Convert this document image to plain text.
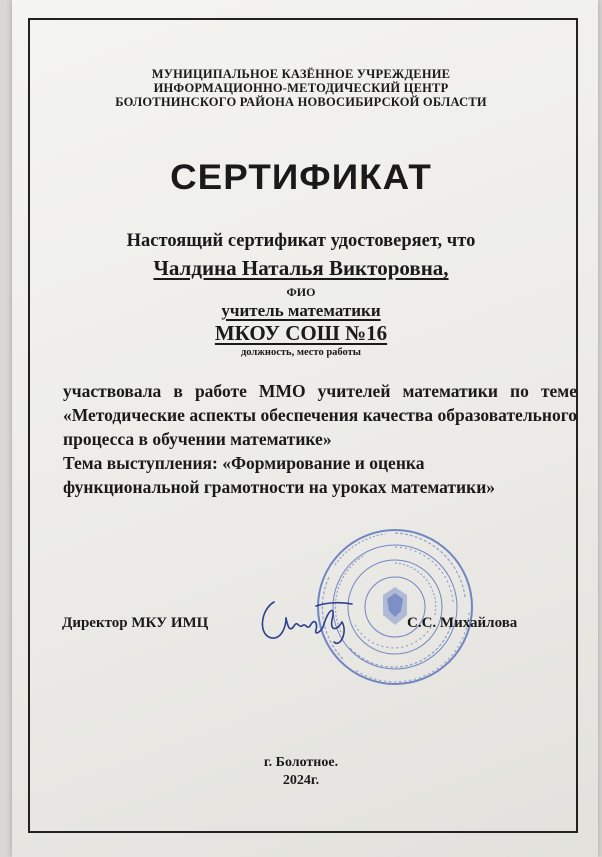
МУНИЦИПАЛЬНОЕ КАЗЁННОЕ УЧРЕЖДЕНИЕ
ИНФОРМАЦИОННО-МЕТОДИЧЕСКИЙ ЦЕНТР
БОЛОТНИНСКОГО РАЙОНА НОВОСИБИРСКОЙ ОБЛАСТИ
СЕРТИФИКАТ
Настоящий сертификат удостоверяет, что
Чалдина Наталья Викторовна,
ФИО
учитель математики
МКОУ СОШ №16
должность, место работы
участвовала в работе ММО учителей математики по теме «Методические аспекты обеспечения качества образовательного процесса в обучении математике»
Тема выступления: «Формирование и оценка функциональной грамотности на уроках математики»
Директор МКУ ИМЦ	С.С. Михайлова
г. Болотное.
2024г.
